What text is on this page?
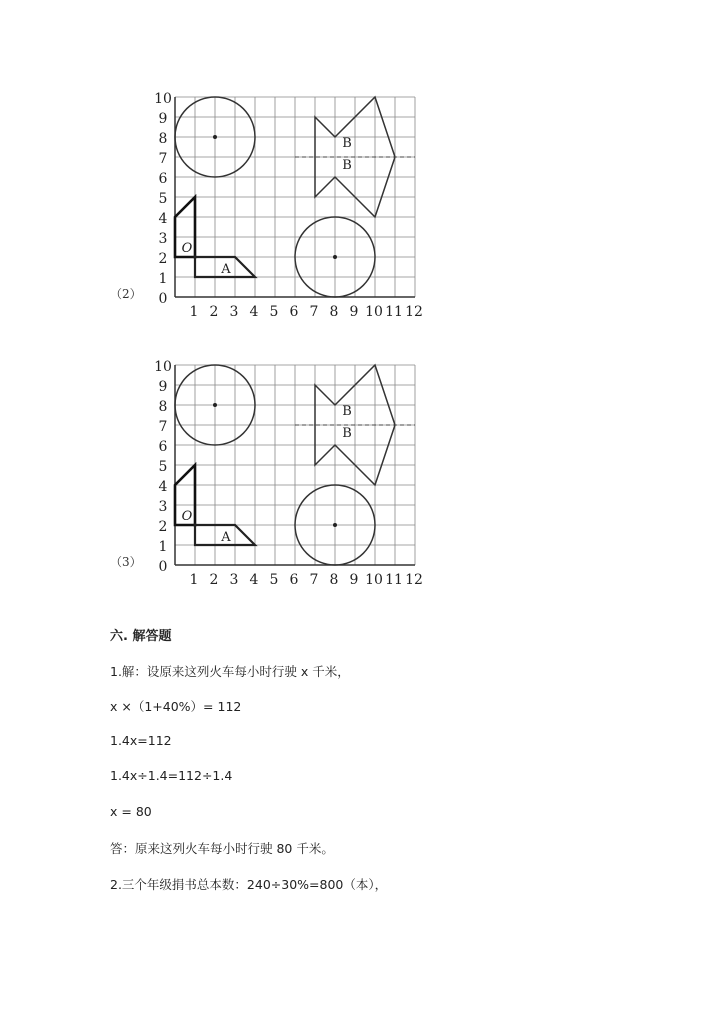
0
1 2 3 4 5 6 7 8 9 10 11 12
1
2
3
4
5
6
7
8
9
10
B
B
A
O
（2）
0
1 2 3 4 5 6 7 8 9 10 11 12
1
2
3
4
5
6
7
8
9
10
B
B
A
O
（3）
六. 解答题
1.解：设原来这列火车每小时行驶 x 千米，
x ×（1+40%）= 112
1.4x=112
1.4x÷1.4=112÷1.4
x = 80
答：原来这列火车每小时行驶 80 千米。
2.三个年级捐书总本数：240÷30%=800（本），
